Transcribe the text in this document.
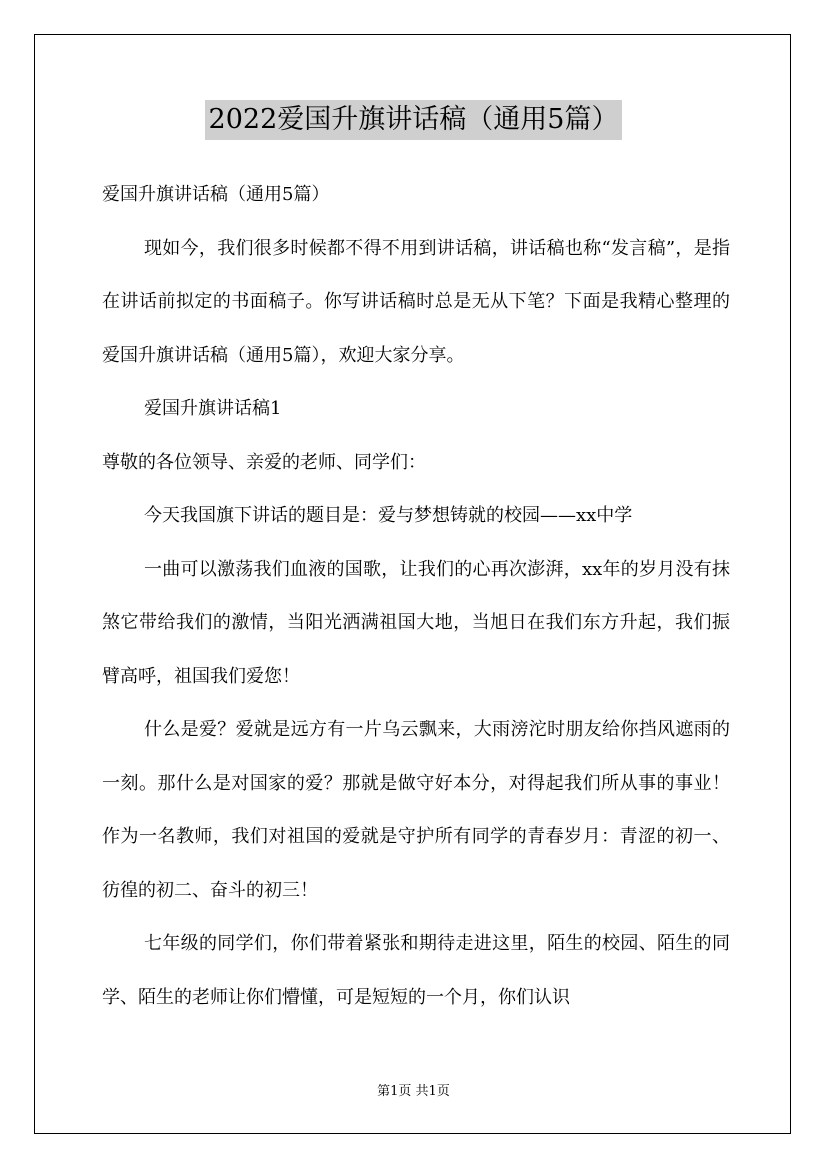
2022爱国升旗讲话稿（通用5篇）

爱国升旗讲话稿（通用5篇）

现如今，我们很多时候都不得不用到讲话稿，讲话稿也称“发言稿”，是指在讲话前拟定的书面稿子。你写讲话稿时总是无从下笔？下面是我精心整理的爱国升旗讲话稿（通用5篇），欢迎大家分享。

爱国升旗讲话稿1

尊敬的各位领导、亲爱的老师、同学们：

今天我国旗下讲话的题目是：爱与梦想铸就的校园——xx中学

一曲可以激荡我们血液的国歌，让我们的心再次澎湃，xx年的岁月没有抹煞它带给我们的激情，当阳光洒满祖国大地，当旭日在我们东方升起，我们振臂高呼，祖国我们爱您！

什么是爱？爱就是远方有一片乌云飘来，大雨滂沱时朋友给你挡风遮雨的一刻。那什么是对国家的爱？那就是做守好本分，对得起我们所从事的事业！作为一名教师，我们对祖国的爱就是守护所有同学的青春岁月：青涩的初一、彷徨的初二、奋斗的初三！

七年级的同学们，你们带着紧张和期待走进这里，陌生的校园、陌生的同学、陌生的老师让你们懵懂，可是短短的一个月，你们认识

第1页 共1页
